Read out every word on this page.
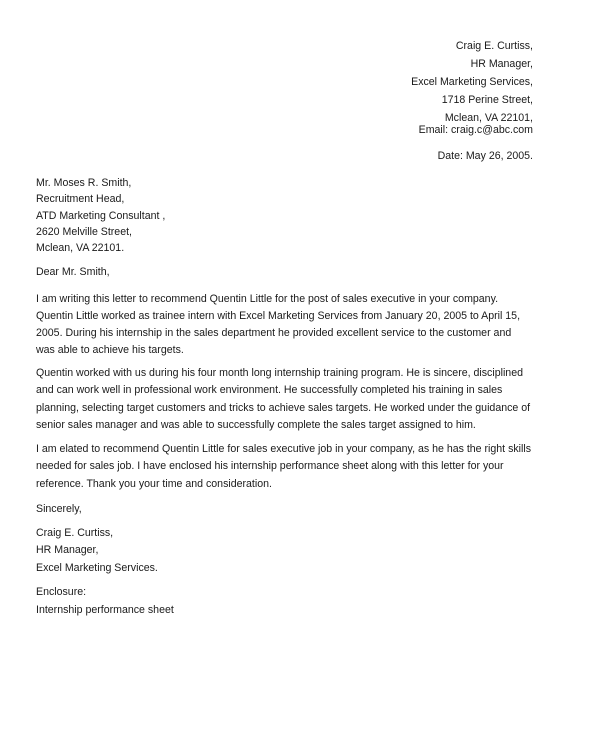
Craig E. Curtiss,
HR Manager,
Excel Marketing Services,
1718 Perine Street,
Mclean, VA 22101,
Email: craig.c@abc.com
Date: May 26, 2005.
Mr. Moses R. Smith,
Recruitment Head,
ATD Marketing Consultant ,
2620 Melville Street,
Mclean, VA 22101.
Dear Mr. Smith,
I am writing this letter to recommend Quentin Little for the post of sales executive in your company.
Quentin Little worked as trainee intern with Excel Marketing Services from January 20, 2005 to April 15,
2005. During his internship in the sales department he provided excellent service to the customer and
was able to achieve his targets.
Quentin worked with us during his four month long internship training program. He is sincere, disciplined
and can work well in professional work environment. He successfully completed his training in sales
planning, selecting target customers and tricks to achieve sales targets. He worked under the guidance of
senior sales manager and was able to successfully complete the sales target assigned to him.
I am elated to recommend Quentin Little for sales executive job in your company, as he has the right skills
needed for sales job. I have enclosed his internship performance sheet along with this letter for your
reference. Thank you your time and consideration.
Sincerely,
Craig E. Curtiss,
HR Manager,
Excel Marketing Services.
Enclosure:
Internship performance sheet
